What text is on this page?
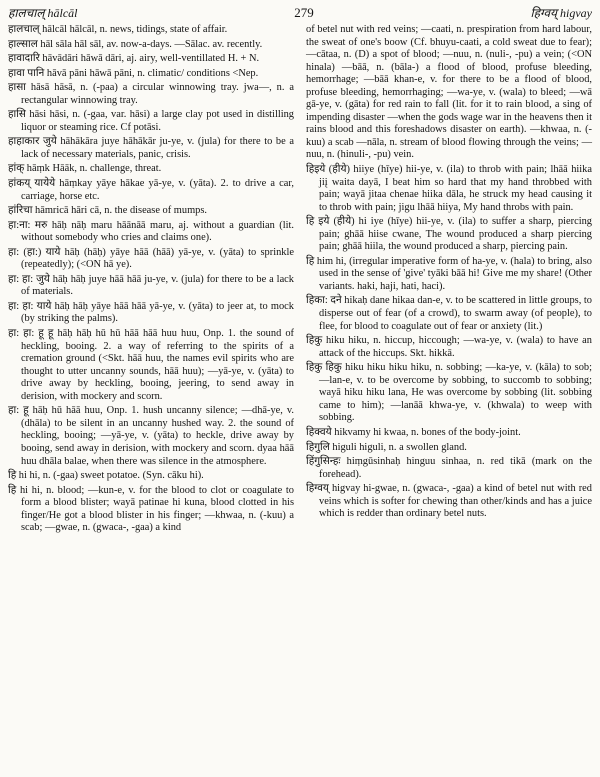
हालचाल् hālcāl	279	हिग्वय् higvay

हालचाल् hālcāl hālcāl, n. news, tidings, state of affair.

हाल्साल hāl sāla hāl sāl, av. now-a-days. —Sālac. av. recently.

हावादारि hāvādāri hāwā dāri, aj. airy, well-ventillated H. + N.

हावा पानि hāvā pāni hāwā pāni, n. climatic/ conditions <Nep.

हासा hāsā hāsā, n. (-paa) a circular winnowing tray. jwa—, n. a rectangular winnowing tray.

हासि hāsi hāsi, n. (-gaa, var. hāsi) a large clay pot used in distilling liquor or steaming rice. Cf potāsi.

हाहाकार जुये hāhākāra juye hāhākār ju-ye, v. (jula) for there to be a lack of necessary materials, panic, crisis.

हांक् hāṃk Hāāk, n. challenge, threat.

हांकय् यायेये hāṃkay yāye hākae yā-ye, v. (yāta). 2. to drive a car, carriage, horse etc.

हांरिचा hāmricā hāri cā, n. the disease of mumps.

हा:ना: मरु hāḥ nāḥ maru hāānāā maru, aj. without a guardian (lit. without somebody who cries and claims one).

हा: (हा:) याये hāḥ (hāḥ) yāye hāā (hāā) yā-ye, v. (yāta) to sprinkle (repeatedly); (<ON hā ye).

हा: हा: जुये hāḥ hāḥ juye hāā hāā ju-ye, v. (jula) for there to be a lack of materials.

हा: हा: याये hāḥ hāḥ yāye hāā hāā yā-ye, v. (yāta) to jeer at, to mock (by striking the palms).

हा: हा: हू हू hāḥ hāḥ hū hū hāā hāā huu huu, Onp. 1. the sound of heckling, booing. 2. a way of referring to the spirits of a cremation ground (<Skt. hāā huu, the names evil spirits who are thought to utter uncanny sounds, hāā huu); —yā-ye, v. (yāta) to drive away by heckling, booing, jeering, to send away in derision, with mockery and scorn.

हा: हू hāḥ hū hāā huu, Onp. 1. hush uncanny silence; —dhā-ye, v. (dhāla) to be silent in an uncanny hushed way. 2. the sound of heckling, booing; —yā-ye, v. (yāta) to heckle, drive away by booing, send away in derision, with mockery and scorn. dyaa hāā huu dhāla balae, when there was silence in the atmosphere.

हि hi hi, n. (-gaa) sweet potatoe. (Syn. cāku hi).

हि hi hi, n. blood; —kun-e, v. for the blood to clot or coagulate to form a blood blister; wayā patinae hi kuna, blood clotted in his finger/He got a blood blister in his finger; —khwaa, n. (-kuu) a scab; —gwae, n. (gwaca-, -gaa) a kind

of betel nut with red veins; —caati, n. prespiration from hard labour, the sweat of one's boow (Cf. bhuyu-caati, a cold sweat due to fear); —cātaa, n. (D) a spot of blood; —nuu, n. (nuli-, -pu) a vein; (<ON hinala) —bāā, n. (bāla-) a flood of blood, profuse bleeding, hemorrhage; —bāā khan-e, v. for there to be a flood of blood, profuse bleeding, hemorrhaging; —wa-ye, v. (wala) to bleed; —wā gā-ye, v. (gāta) for red rain to fall (lit. for it to rain blood, a sing of impending disaster —when the gods wage war in the heavens then it rains blood and this foreshadows disaster on earth). —khwaa, n. (-kuu) a scab —nāla, n. stream of blood flowing through the veins; —nuu, n. (hinuli-, -pu) vein.

हिइये (हीये) hiiye (hīye) hii-ye, v. (ila) to throb with pain; lhāā hiika jiį waita dayā, I beat him so hard that my hand throbbed with pain; wayā jitaa chenae hiika dāla, he struck my head causing it to throb with pain; jigu lhāā hiiya, My hand throbs with pain.

हि इये (हीये) hi iye (hīye) hii-ye, v. (ila) to suffer a sharp, piercing pain; ghāā hiise cwane, The wound produced a sharp piercing pain; ghāā hiila, the wound produced a sharp, piercing pain.

हि him hi, (irregular imperative form of ha-ye, v. (hala) to bring, also used in the sense of 'give' tyāki bāā hi! Give me my share! (Other variants. haki, haji, hati, haci).

हिका: दने hikaḥ dane hikaa dan-e, v. to be scattered in little groups, to disperse out of fear (of a crowd), to swarm away (of people), to flee, for blood to coagulate out of fear or anxiety (lit.)

हिकु hiku hiku, n. hiccup, hiccough; —wa-ye, v. (wala) to have an attack of the hiccups. Skt. hikkā.

हिकु हिकु hiku hiku hiku hiku, n. sobbing; —ka-ye, v. (kāla) to sob; —lan-e, v. to be overcome by sobbing, to succomb to sobbing; wayā hiku hiku lana, He was overcome by sobbing (lit. sobbing came to him); —lanāā khwa-ye, v. (khwala) to weep with sobbing.

हिक्वये hikvamy hi kwaa, n. bones of the body-joint.

हिगुलि higuli higuli, n. a swollen gland.

हिंगुसिन्हः hiṃgūsinhaḥ hinguu sinhaa, n. red tikā (mark on the forehead).

हिग्वय् higvay hi-gwae, n. (gwaca-, -gaa) a kind of betel nut with red veins which is softer for chewing than other/kinds and has a juice which is redder than ordinary betel nuts.
